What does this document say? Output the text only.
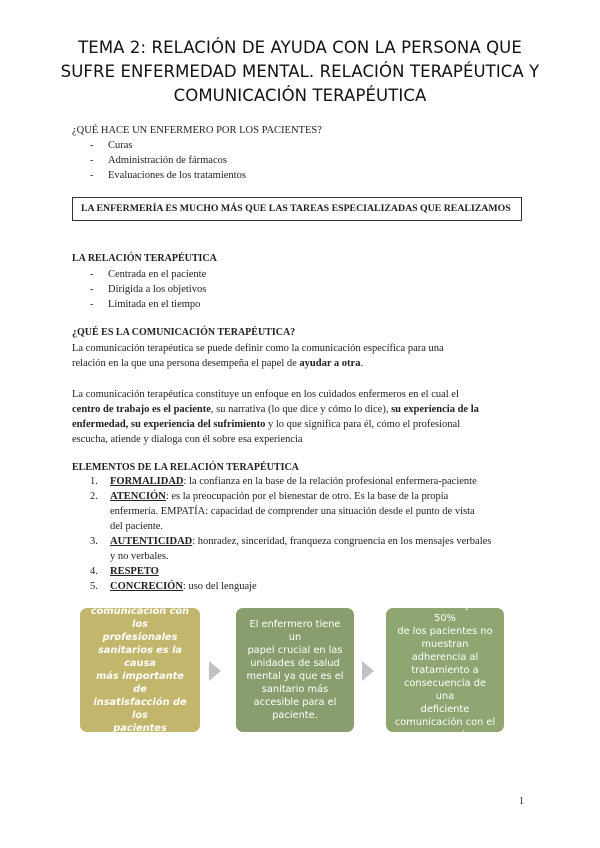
TEMA 2: RELACIÓN DE AYUDA CON LA PERSONA QUE
SUFRE ENFERMEDAD MENTAL. RELACIÓN TERAPÉUTICA Y
COMUNICACIÓN TERAPÉUTICA

¿QUÉ HACE UN ENFERMERO POR LOS PACIENTES?

- Curas
- Administración de fármacos
- Evaluaciones de los tratamientos
LA ENFERMERÍA ES MUCHO MÁS QUE LAS TAREAS ESPECIALIZADAS QUE REALIZAMOS
LA RELACIÓN TERAPÉUTICA
- Centrada en el paciente
- Dirigida a los objetivos
- Limitada en el tiempo
¿QUÉ ES LA COMUNICACIÓN TERAPÉUTICA?

La comunicación terapéutica se puede definir como la comunicación específica para una

relación en la que una persona desempeña el papel de ayudar a otra.

La comunicación terapéutica constituye un enfoque en los cuidados enfermeros en el cual el

centro de trabajo es el paciente, su narrativa (lo que dice y cómo lo dice), su experiencia de la

enfermedad, su experiencia del sufrimiento y lo que significa para él, cómo el profesional

escucha, atiende y dialoga con él sobre esa experiencia

ELEMENTOS DE LA RELACIÓN TERAPÉUTICA
1. FORMALIDAD: la confianza en la base de la relación profesional enfermera-paciente
2. ATENCIÓN: es la preocupación por el bienestar de otro. Es la base de la propia
enfermería. EMPATÍA: capacidad de comprender una situación desde el punto de vista
del paciente.
3. AUTENTICIDAD: honradez, sinceridad, franqueza congruencia en los mensajes verbales
y no verbales.
4. RESPETO
5. CONCRECIÓN: uso del lenguaje
“La falta de
comunicación con los
profesionales
sanitarios es la causa
más importante de
insatisfacción de los
pacientes
hospitalizados”
El enfermero tiene un
papel crucial en las
unidades de salud
mental ya que es el
sanitario más
accesible para el
paciente.
Entre un 30 y un 50%
de los pacientes no
muestran adherencia al
tratamiento a
consecuencia de una
deficiente
comunicación con el
personal.
1
